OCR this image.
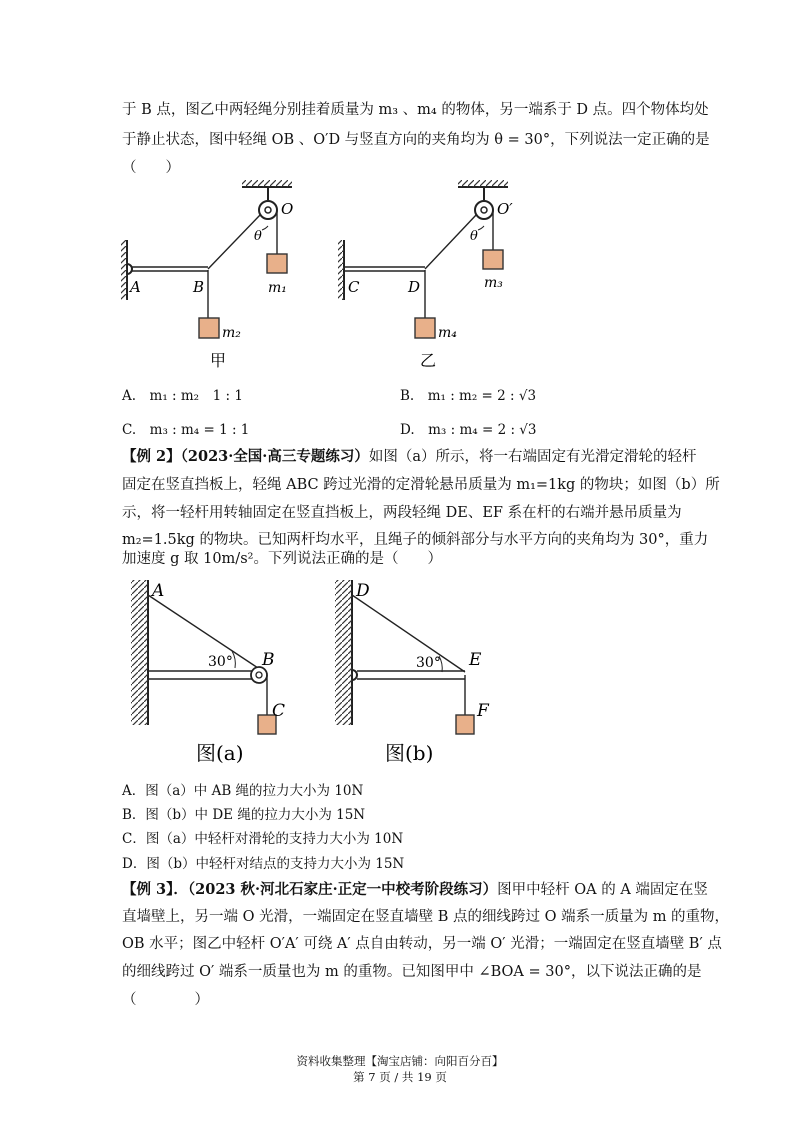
于 B 点，图乙中两轻绳分别挂着质量为 m₃ 、m₄ 的物体，另一端系于 D 点。四个物体均处
于静止状态，图中轻绳 OB 、O′D 与竖直方向的夹角均为 θ = 30°，下列说法一定正确的是
（　　）
O
θ
A	B	m₁
m₂
甲
O′
θ
C	D	m₃
m₄
乙
A
B
C
30°
图(a)
D
E
F
30°
图(b)
A.　m₁ : m₂　1 : 1	B.　m₁ : m₂ = 2 : √3
C.　m₃ : m₄ = 1 : 1	D.　m₃ : m₄ = 2 : √3
【例 2】（2023·全国·高三专题练习）如图（a）所示，将一右端固定有光滑定滑轮的轻杆
固定在竖直挡板上，轻绳 ABC 跨过光滑的定滑轮悬吊质量为 m₁=1kg 的物块；如图（b）所
示，将一轻杆用转轴固定在竖直挡板上，两段轻绳 DE、EF 系在杆的右端并悬吊质量为
m₂=1.5kg 的物块。已知两杆均水平，且绳子的倾斜部分与水平方向的夹角均为 30°，重力
加速度 g 取 10m/s²。下列说法正确的是（　　）
A．图（a）中 AB 绳的拉力大小为 10N
B．图（b）中 DE 绳的拉力大小为 15N
C．图（a）中轻杆对滑轮的支持力大小为 10N
D．图（b）中轻杆对结点的支持力大小为 15N
【例 3】．（2023 秋·河北石家庄·正定一中校考阶段练习）图甲中轻杆 OA 的 A 端固定在竖
直墙壁上，另一端 O 光滑，一端固定在竖直墙壁 B 点的细线跨过 O 端系一质量为 m 的重物，
OB 水平；图乙中轻杆 O′A′ 可绕 A′ 点自由转动，另一端 O′ 光滑；一端固定在竖直墙壁 B′ 点
的细线跨过 O′ 端系一质量也为 m 的重物。已知图甲中 ∠BOA = 30°，以下说法正确的是
（　　　　）
资料收集整理【淘宝店铺：向阳百分百】
第 7 页 / 共 19 页
